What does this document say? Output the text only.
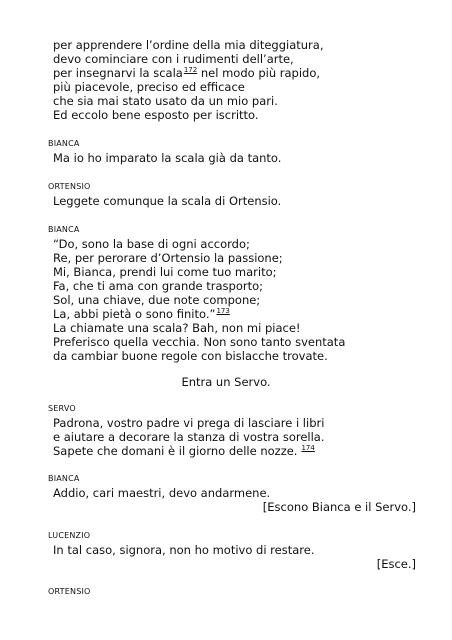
per apprendere l’ordine della mia diteggiatura,
devo cominciare con i rudimenti dell’arte,
per insegnarvi la scala$^{172}$ nel modo più rapido,
più piacevole, preciso ed efficace
che sia mai stato usato da un mio pari.
Ed eccolo bene esposto per iscritto.
BIANCA
Ma io ho imparato la scala già da tanto.
ORTENSIO
Leggete comunque la scala di Ortensio.
BIANCA
“Do, sono la base di ogni accordo;
Re, per perorare d’Ortensio la passione;
Mi, Bianca, prendi lui come tuo marito;
Fa, che ti ama con grande trasporto;
Sol, una chiave, due note compone;
La, abbi pietà o sono finito.”$^{173}$
La chiamate una scala? Bah, non mi piace!
Preferisco quella vecchia. Non sono tanto sventata
da cambiar buone regole con bislacche trovate.
Entra un Servo.
SERVO
Padrona, vostro padre vi prega di lasciare i libri
e aiutare a decorare la stanza di vostra sorella.
Sapete che domani è il giorno delle nozze. $^{174}$
BIANCA
Addio, cari maestri, devo andarmene.
[Escono Bianca e il Servo.]
LUCENZIO
In tal caso, signora, non ho motivo di restare.
[Esce.]
ORTENSIO
